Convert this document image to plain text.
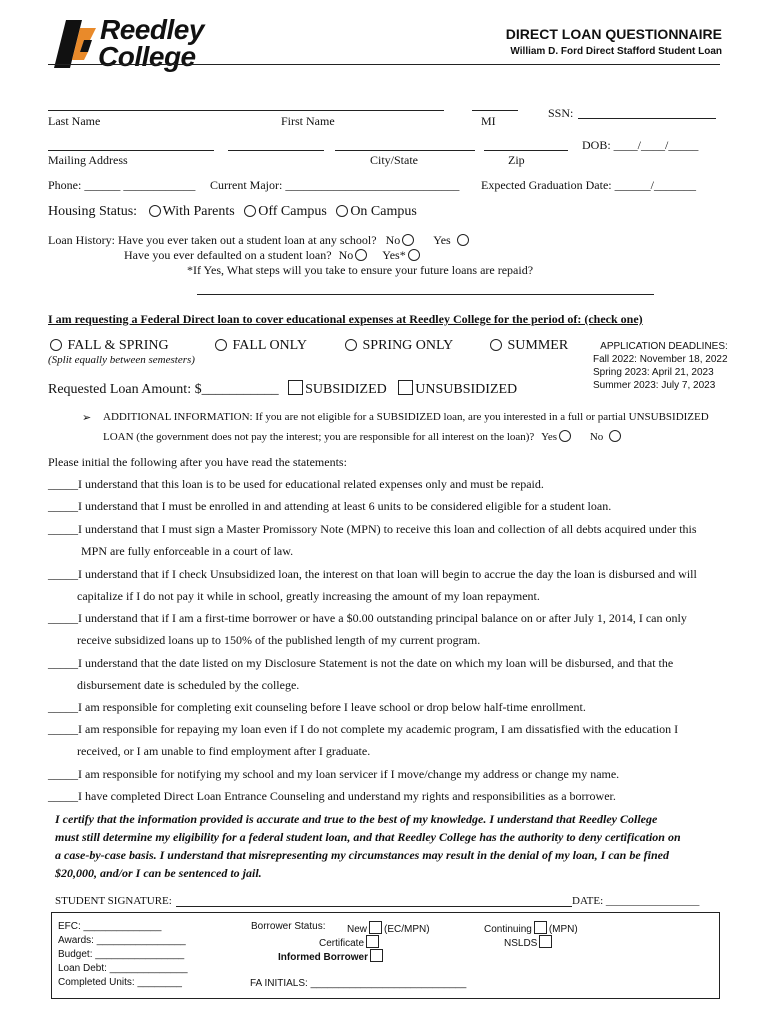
Reedley
College
DIRECT LOAN QUESTIONNAIRE
William D. Ford Direct Stafford Student Loan
Last Name	First Name	MI
SSN:
DOB: ____/____/_____
Mailing Address	City/State	Zip
Phone: ______ ____________ Current Major: _____________________________ Expected Graduation Date: ______/_______
Housing Status: With Parents Off Campus On Campus
Loan History: Have you ever taken out a student loan at any school? No	Yes
Have you ever defaulted on a student loan? No Yes*
*If Yes, What steps will you take to ensure your future loans are repaid?
I am requesting a Federal Direct loan to cover educational expenses at Reedley College for the period of: (check one)
FALL & SPRING	FALL ONLY	SPRING ONLY	SUMMER
(Split equally between semesters)
APPLICATION DEADLINES:
Fall 2022: November 18, 2022
Spring 2023: April 21, 2023
Summer 2023: July 7, 2023
Requested Loan Amount: $___________ SUBSIDIZED UNSUBSIDIZED
➢ ADDITIONAL INFORMATION: If you are not eligible for a SUBSIDIZED loan, are you interested in a full or partial UNSUBSIDIZED
LOAN (the government does not pay the interest; you are responsible for all interest on the loan)? Yes	No
Please initial the following after you have read the statements:
_____I understand that this loan is to be used for educational related expenses only and must be repaid.
_____I understand that I must be enrolled in and attending at least 6 units to be considered eligible for a student loan.
_____I understand that I must sign a Master Promissory Note (MPN) to receive this loan and collection of all debts acquired under this
MPN are fully enforceable in a court of law.
_____I understand that if I check Unsubsidized loan, the interest on that loan will begin to accrue the day the loan is disbursed and will
capitalize if I do not pay it while in school, greatly increasing the amount of my loan repayment.
_____I understand that if I am a first-time borrower or have a $0.00 outstanding principal balance on or after July 1, 2014, I can only
receive subsidized loans up to 150% of the published length of my current program.
_____I understand that the date listed on my Disclosure Statement is not the date on which my loan will be disbursed, and that the
disbursement date is scheduled by the college.
_____I am responsible for completing exit counseling before I leave school or drop below half-time enrollment.
_____I am responsible for repaying my loan even if I do not complete my academic program, I am dissatisfied with the education I
received, or I am unable to find employment after I graduate.
_____I am responsible for notifying my school and my loan servicer if I move/change my address or change my name.
_____I have completed Direct Loan Entrance Counseling and understand my rights and responsibilities as a borrower.
I certify that the information provided is accurate and true to the best of my knowledge. I understand that Reedley College
must still determine my eligibility for a federal student loan, and that Reedley College has the authority to deny certification on
a case-by-case basis. I understand that misrepresenting my circumstances may result in the denial of my loan, I can be fined
$20,000, and/or I can be sentenced to jail.
STUDENT SIGNATURE:	DATE: _________________
EFC: ______________
Awards: ________________
Budget: ________________
Loan Debt: ______________
Completed Units: ________
Borrower Status: New (EC/MPN)
Certificate
Informed Borrower
FA INITIALS: ____________________________
Continuing (MPN)
NSLDS
